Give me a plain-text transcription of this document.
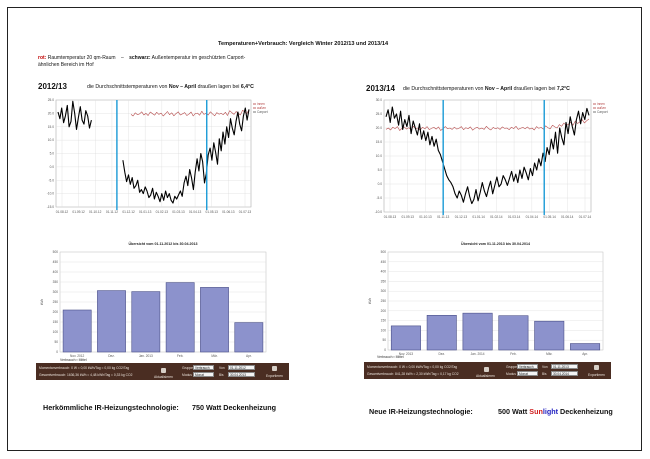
Temperaturen+Verbrauch: Vergleich Winter 2012/13 und 2013/14
rot: Raumtemperatur 20 qm-Raum – schwarz: Außentemperatur im geschützten Carport-
ähnlichen Bereich im Hof
2012/13	die Durchschnittstemperaturen von Nov – April draußen lagen bei 6,4°C	2013/14 die Durchschnittstemperaturen von Nov – April draußen lagen bei 7,2°C
25.0
20.0
15.0
10.0
5.0
0.0
-5.0
-10.0
-15.0
01.08.12 01.09.12 01.10.12 01.11.12 01.12.12 01.01.13 01.02.13 01.03.13 01.04.13 01.05.13 01.06.13 01.07.13
innen
außen
Carport
30.0
25.0
20.0
15.0
10.0
5.0
0.0
-5.0
-10.0
01.08.13 01.09.13 01.10.13 01.11.13 01.12.13 01.01.14 01.02.14 01.03.14 01.04.14 01.05.14 01.06.14 01.07.14
innen
außen
Carport
Übersicht vom 01.11.2012 bis 30.04.2013
500
450
400
350
300
250
200
150
100
50
0
kWh
Nov. 2012	Dez.	Jan. 2013	Feb.	Mär.	Apr.
Verbrauch ▪ Mittel
Übersicht vom 01.11.2013 bis 30.04.2014
500
450
400
350
300
250
200
150
100
50
0
kWh
Nov. 2013	Dez.	Jan. 2014	Feb.	Mär.	Apr.
Verbrauch ▪ Mittel
Momentanverbrauch: 0 W ≈ 0,00 kWh/Tag ≈ 0,00 kg CO2/Tag
Gesamtverbrauch: 1636,36 kWh ≈ 4,48 kWh/Tag ≈ 0,33 kg CO2	Aktualisieren
Gruppe Verbrauch
Modus Monat
Von	01.11.2012
Bis	30.04.2013	Exportieren
Momentanverbrauch: 0 W ≈ 0,00 kWh/Tag ≈ 0,00 kg CO2/Tag
Gesamtverbrauch: 841,28 kWh ≈ 2,30 kWh/Tag ≈ 0,17 kg CO2	Aktualisieren
Gruppe Verbrauch
Modus Monat
Von	01.11.2013
Bis	30.04.2014	Exportieren
Herkömmliche IR-Heizungstechnologie: 750 Watt Deckenheizung	Neue IR-Heizungstechnologie:	500 Watt Sunlight Deckenheizung
